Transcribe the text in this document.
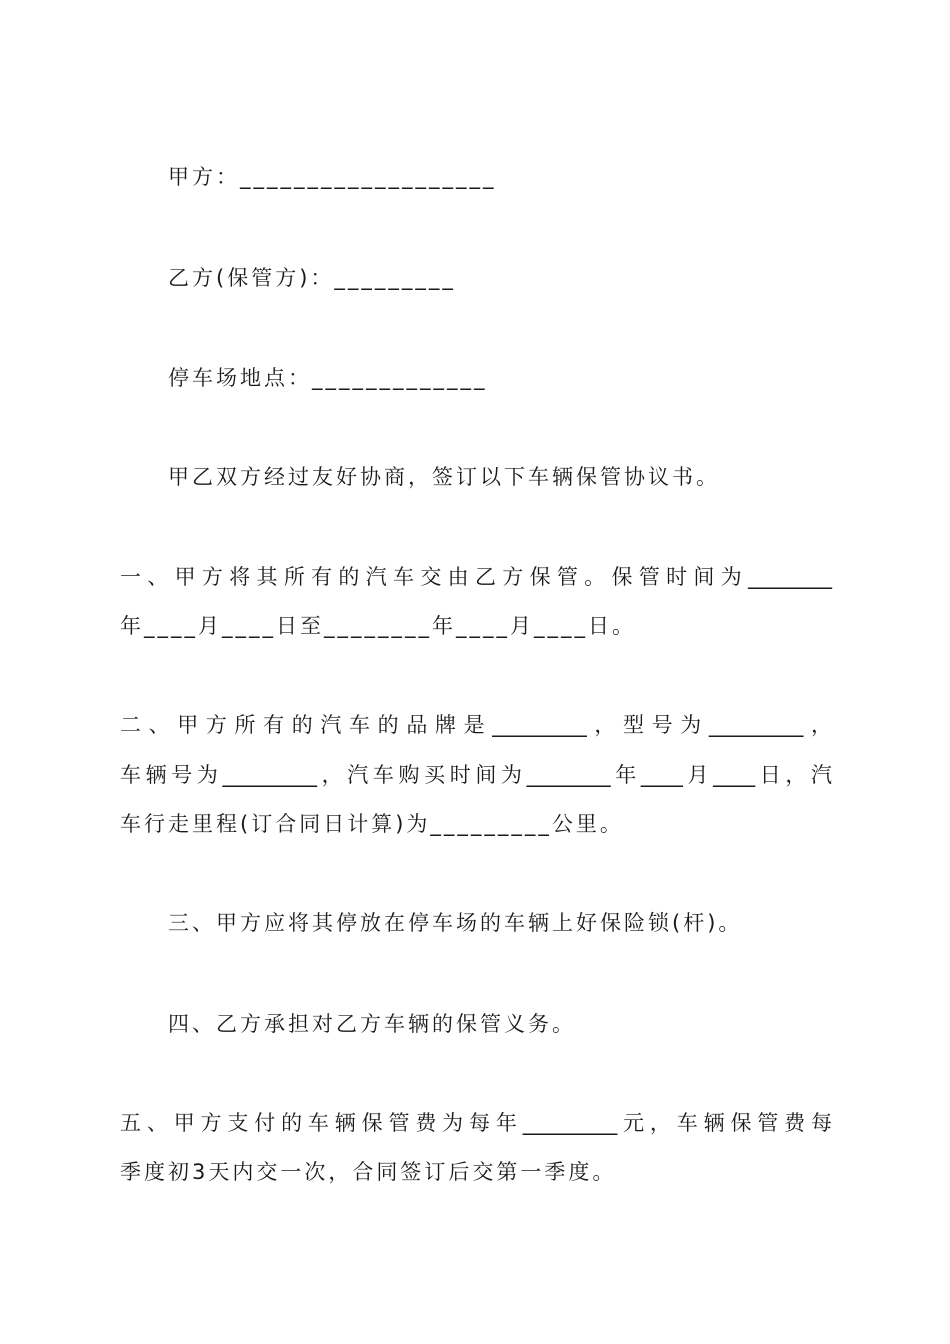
甲方：___________________
乙方(保管方)：_________
停车场地点：_____________
甲乙双方经过友好协商，签订以下车辆保管协议书。
一、甲方将其所有的汽车交由乙方保管。保管时间为________
年____月____日至________年____月____日。
二、甲方所有的汽车的品牌是_________，型号为_________，
车辆号为_________，汽车购买时间为________年____月____日，汽
车行走里程(订合同日计算)为_________公里。
三、甲方应将其停放在停车场的车辆上好保险锁(杆)。
四、乙方承担对乙方车辆的保管义务。
五、甲方支付的车辆保管费为每年_________元，车辆保管费每
季度初3天内交一次，合同签订后交第一季度。
